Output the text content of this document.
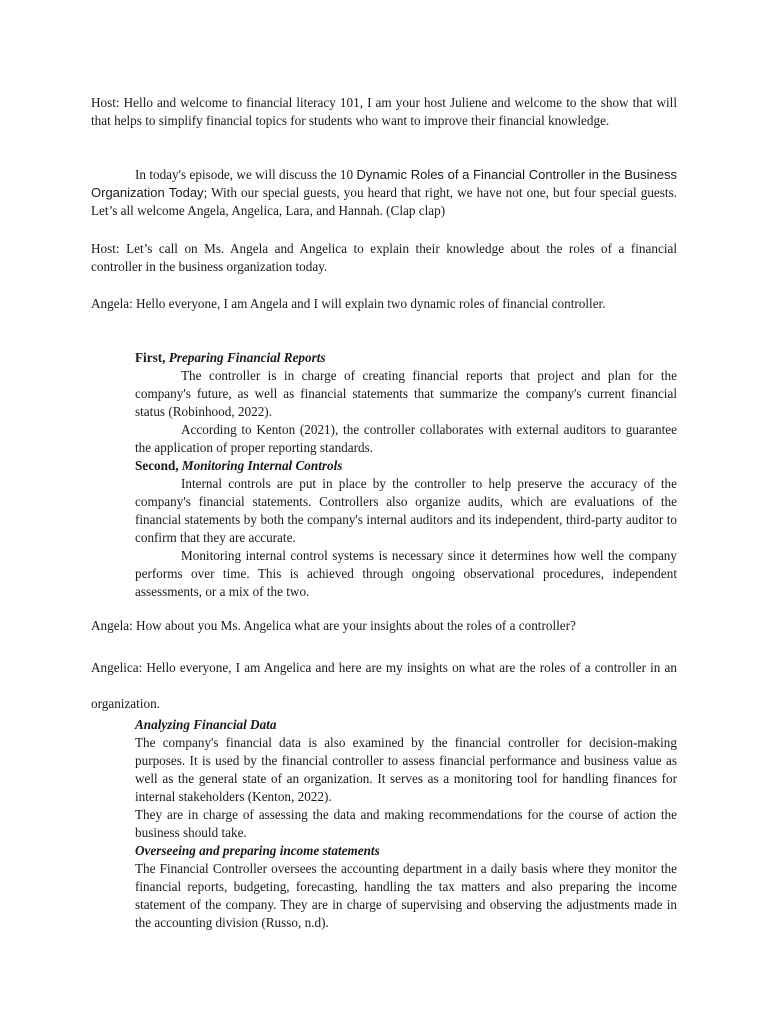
Host: Hello and welcome to financial literacy 101, I am your host Juliene and welcome to the show that will that helps to simplify financial topics for students who want to improve their financial knowledge.

In today's episode, we will discuss the 10 Dynamic Roles of a Financial Controller in the Business Organization Today; With our special guests, you heard that right, we have not one, but four special guests. Let’s all welcome Angela, Angelica, Lara, and Hannah. (Clap clap)

Host: Let’s call on Ms. Angela and Angelica to explain their knowledge about the roles of a financial controller in the business organization today.

Angela: Hello everyone, I am Angela and I will explain two dynamic roles of financial controller.

First, Preparing Financial Reports

The controller is in charge of creating financial reports that project and plan for the company's future, as well as financial statements that summarize the company's current financial status (Robinhood, 2022).

According to Kenton (2021), the controller collaborates with external auditors to guarantee the application of proper reporting standards.

Second, Monitoring Internal Controls

Internal controls are put in place by the controller to help preserve the accuracy of the company's financial statements. Controllers also organize audits, which are evaluations of the financial statements by both the company's internal auditors and its independent, third-party auditor to confirm that they are accurate.

Monitoring internal control systems is necessary since it determines how well the company performs over time. This is achieved through ongoing observational procedures, independent assessments, or a mix of the two.

Angela: How about you Ms. Angelica what are your insights about the roles of a controller?

Angelica: Hello everyone, I am Angelica and here are my insights on what are the roles of a controller in an organization.

Analyzing Financial Data

The company's financial data is also examined by the financial controller for decision-making purposes. It is used by the financial controller to assess financial performance and business value as well as the general state of an organization. It serves as a monitoring tool for handling finances for internal stakeholders (Kenton, 2022).

They are in charge of assessing the data and making recommendations for the course of action the business should take.

Overseeing and preparing income statements

The Financial Controller oversees the accounting department in a daily basis where they monitor the financial reports, budgeting, forecasting, handling the tax matters and also preparing the income statement of the company. They are in charge of supervising and observing the adjustments made in the accounting division (Russo, n.d).
